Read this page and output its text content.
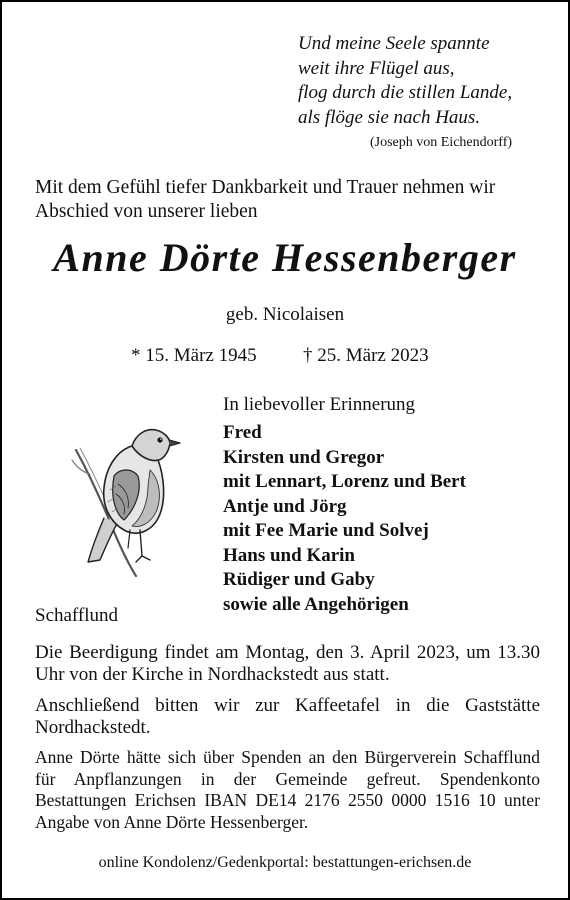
Und meine Seele spannte
weit ihre Flügel aus,
flog durch die stillen Lande,
als flöge sie nach Haus.
(Joseph von Eichendorff)
Mit dem Gefühl tiefer Dankbarkeit und Trauer nehmen wir
Abschied von unserer lieben
Anne Dörte Hessenberger
geb. Nicolaisen
* 15. März 1945 † 25. März 2023
In liebevoller Erinnerung
Fred
Kirsten und Gregor
mit Lennart, Lorenz und Bert
Antje und Jörg
mit Fee Marie und Solvej
Hans und Karin
Rüdiger und Gaby
sowie alle Angehörigen
Schafflund
Die Beerdigung findet am Montag, den 3. April 2023, um 13.30 Uhr von der Kirche in Nordhackstedt aus statt.
Anschließend bitten wir zur Kaffeetafel in die Gaststätte Nordhackstedt.
Anne Dörte hätte sich über Spenden an den Bürgerverein Schafflund für Anpflanzungen in der Gemeinde gefreut. Spendenkonto Bestattungen Erichsen IBAN DE14 2176 2550 0000 1516 10 unter Angabe von Anne Dörte Hessenberger.
online Kondolenz/Gedenkportal: bestattungen-erichsen.de
